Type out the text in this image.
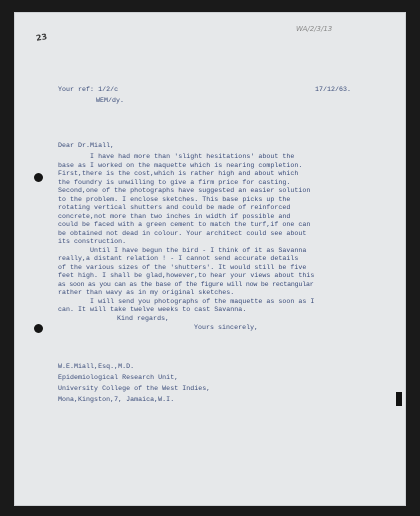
23
WA/2/3/13
Your ref: 1/2/c
WEM/dy.
17/12/63.
Dear Dr.Miall,
I have had more than 'slight hesitations' about the
base as I worked on the maquette which is nearing completion.
First,there is the cost,which is rather high and about which
the foundry is unwilling to give a firm price for casting.
Second,one of the photographs have suggested an easier solution
to the problem. I enclose sketches. This base picks up the
rotating vertical shutters and could be made of reinforced
concrete,not more than two inches in width if possible and
could be faced with a green cement to match the turf,if one can
be obtained not dead in colour. Your architect could see about
its construction.
Until I have begun the bird - I think of it as Savanna
really,a distant relation ! - I cannot send accurate details
of the various sizes of the 'shutters'. It would still be five
feet high. I shall be glad,however,to hear your views about this
as soon as you can as the base of the figure will now be rectangular
rather than wavy as in my original sketches.
I will send you photographs of the maquette as soon as I
can. It will take twelve weeks to cast Savanna.
Kind regards,
Yours sincerely,
W.E.Miall,Esq.,M.D.
Epidemiological Research Unit,
University College of the West Indies,
Mona,Kingston,7, Jamaica,W.I.
